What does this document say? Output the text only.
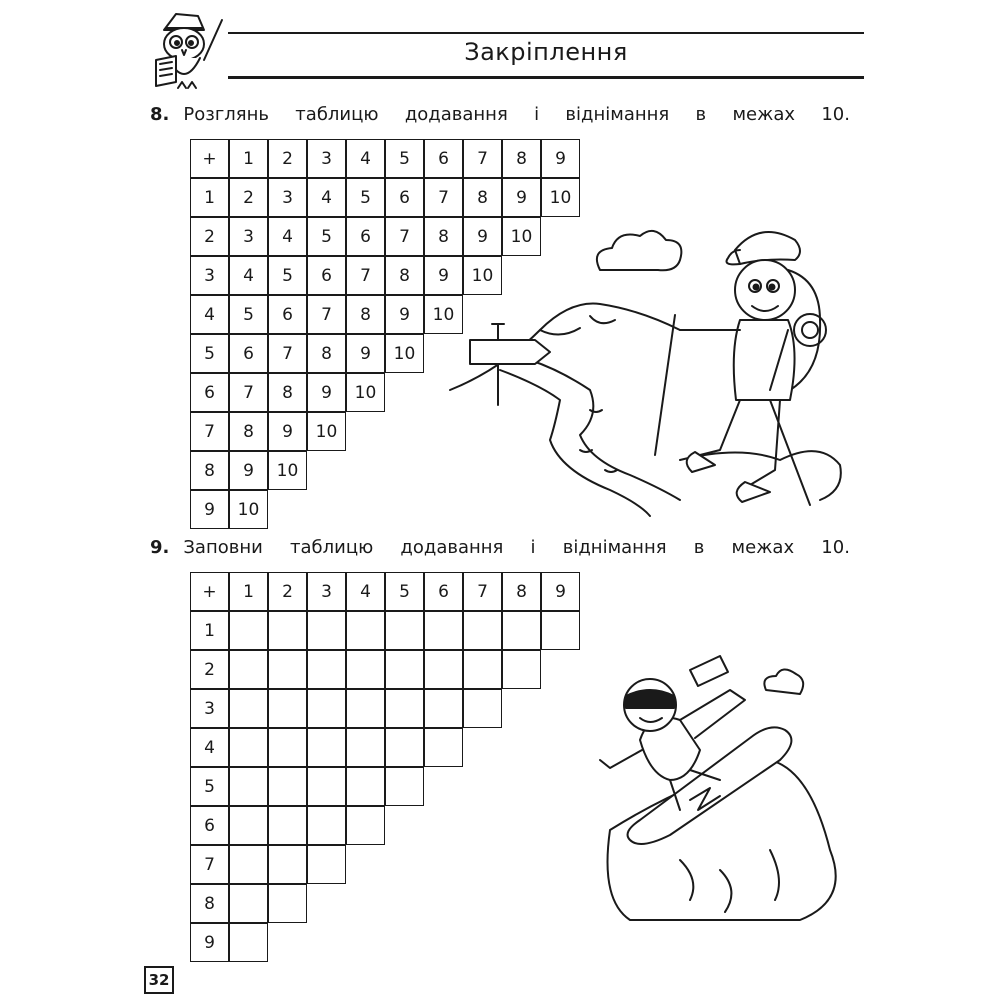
Закріплення
8. Розглянь таблицю додавання і віднімання в межах 10.
+	1	2	3	4	5	6	7	8	9
1	2	3	4	5	6	7	8	9	10
2	3	4	5	6	7	8	9	10
3	4	5	6	7	8	9	10
4	5	6	7	8	9	10
5	6	7	8	9	10
6	7	8	9	10
7	8	9	10
8	9	10
9	10
9. Заповни таблицю додавання і віднімання в межах 10.
+	1	2	3	4	5	6	7	8	9
1
2
3
4
5
6
7
8
9
32
